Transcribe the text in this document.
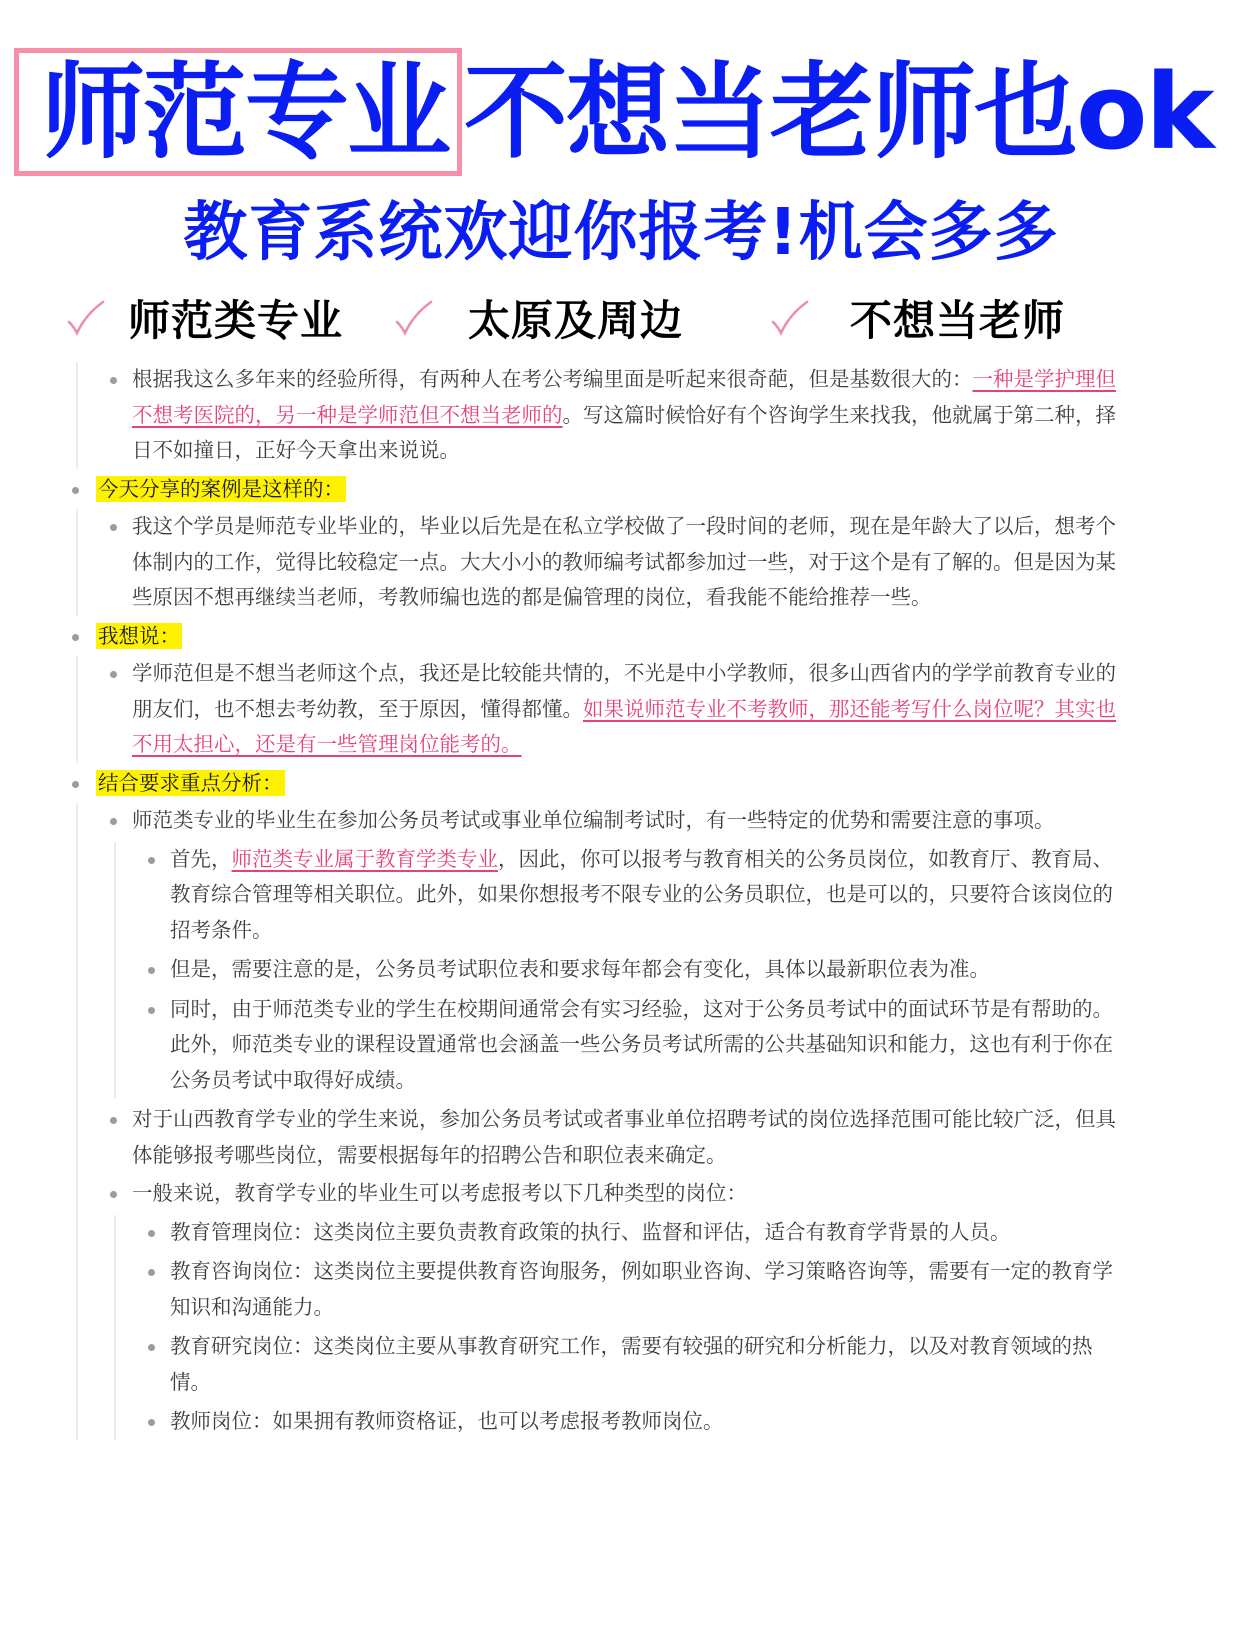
师范专业 不想当老师也ok
教育系统欢迎你报考!机会多多
师范类专业	太原及周边	不想当老师
根据我这么多年来的经验所得，有两种人在考公考编里面是听起来很奇葩，但是基数很大的：一种是学护理但不想考医院的，另一种是学师范但不想当老师的。写这篇时候恰好有个咨询学生来找我，他就属于第二种，择日不如撞日，正好今天拿出来说说。
今天分享的案例是这样的：
我这个学员是师范专业毕业的，毕业以后先是在私立学校做了一段时间的老师，现在是年龄大了以后，想考个体制内的工作，觉得比较稳定一点。大大小小的教师编考试都参加过一些，对于这个是有了解的。但是因为某些原因不想再继续当老师，考教师编也选的都是偏管理的岗位，看我能不能给推荐一些。
我想说：
学师范但是不想当老师这个点，我还是比较能共情的，不光是中小学教师，很多山西省内的学学前教育专业的朋友们，也不想去考幼教，至于原因，懂得都懂。如果说师范专业不考教师，那还能考写什么岗位呢？其实也不用太担心，还是有一些管理岗位能考的。
结合要求重点分析：
师范类专业的毕业生在参加公务员考试或事业单位编制考试时，有一些特定的优势和需要注意的事项。
首先，师范类专业属于教育学类专业，因此，你可以报考与教育相关的公务员岗位，如教育厅、教育局、教育综合管理等相关职位。此外，如果你想报考不限专业的公务员职位，也是可以的，只要符合该岗位的招考条件。
但是，需要注意的是，公务员考试职位表和要求每年都会有变化，具体以最新职位表为准。
同时，由于师范类专业的学生在校期间通常会有实习经验，这对于公务员考试中的面试环节是有帮助的。此外，师范类专业的课程设置通常也会涵盖一些公务员考试所需的公共基础知识和能力，这也有利于你在公务员考试中取得好成绩。
对于山西教育学专业的学生来说，参加公务员考试或者事业单位招聘考试的岗位选择范围可能比较广泛，但具体能够报考哪些岗位，需要根据每年的招聘公告和职位表来确定。
一般来说，教育学专业的毕业生可以考虑报考以下几种类型的岗位：
教育管理岗位：这类岗位主要负责教育政策的执行、监督和评估，适合有教育学背景的人员。
教育咨询岗位：这类岗位主要提供教育咨询服务，例如职业咨询、学习策略咨询等，需要有一定的教育学知识和沟通能力。
教育研究岗位：这类岗位主要从事教育研究工作，需要有较强的研究和分析能力，以及对教育领域的热情。
教师岗位：如果拥有教师资格证，也可以考虑报考教师岗位。
